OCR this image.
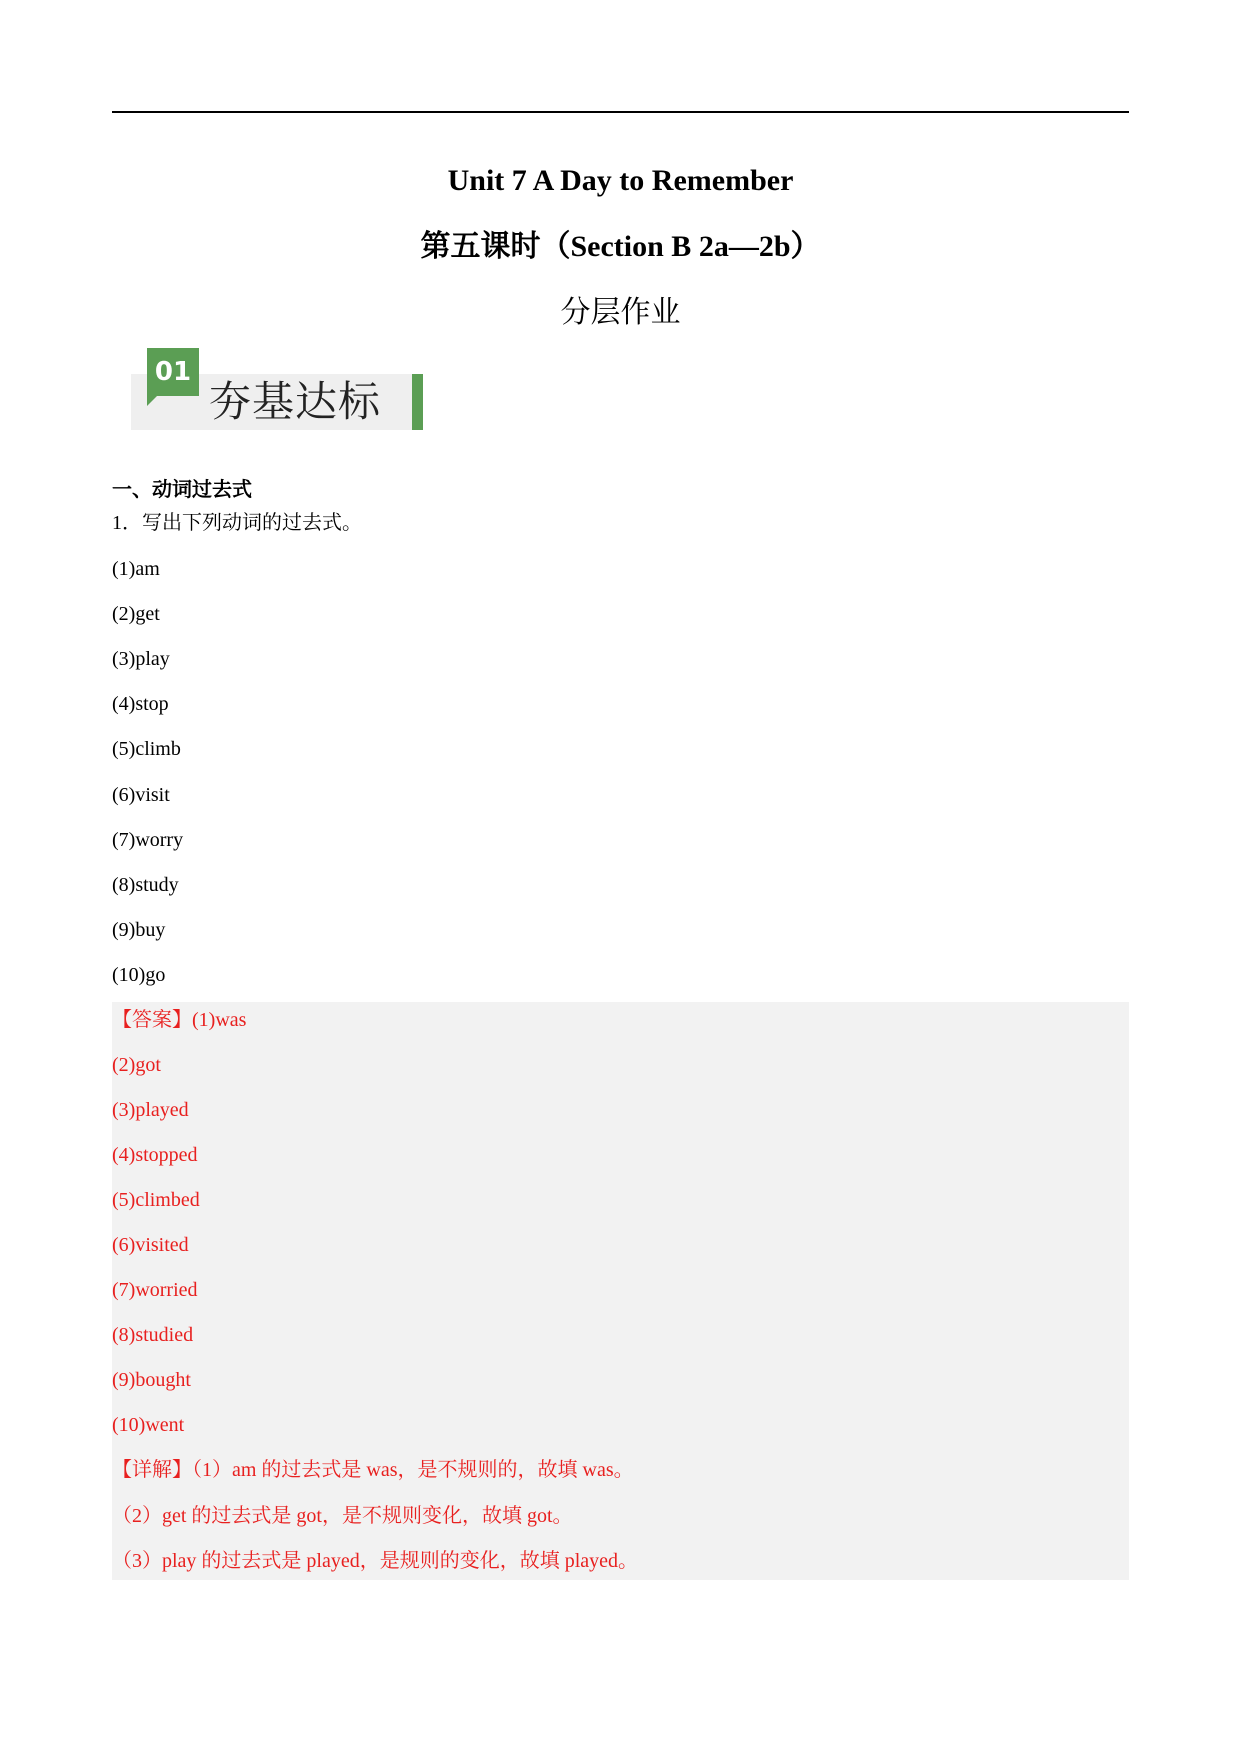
Unit 7 A Day to Remember
第五课时（Section B 2a—2b）
分层作业
01
夯基达标
一、动词过去式
1．写出下列动词的过去式。
(1)am
(2)get
(3)play
(4)stop
(5)climb
(6)visit
(7)worry
(8)study
(9)buy
(10)go
【答案】(1)was
(2)got
(3)played
(4)stopped
(5)climbed
(6)visited
(7)worried
(8)studied
(9)bought
(10)went
【详解】（1）am 的过去式是 was，是不规则的，故填 was。
（2）get 的过去式是 got，是不规则变化，故填 got。
（3）play 的过去式是 played，是规则的变化，故填 played。
